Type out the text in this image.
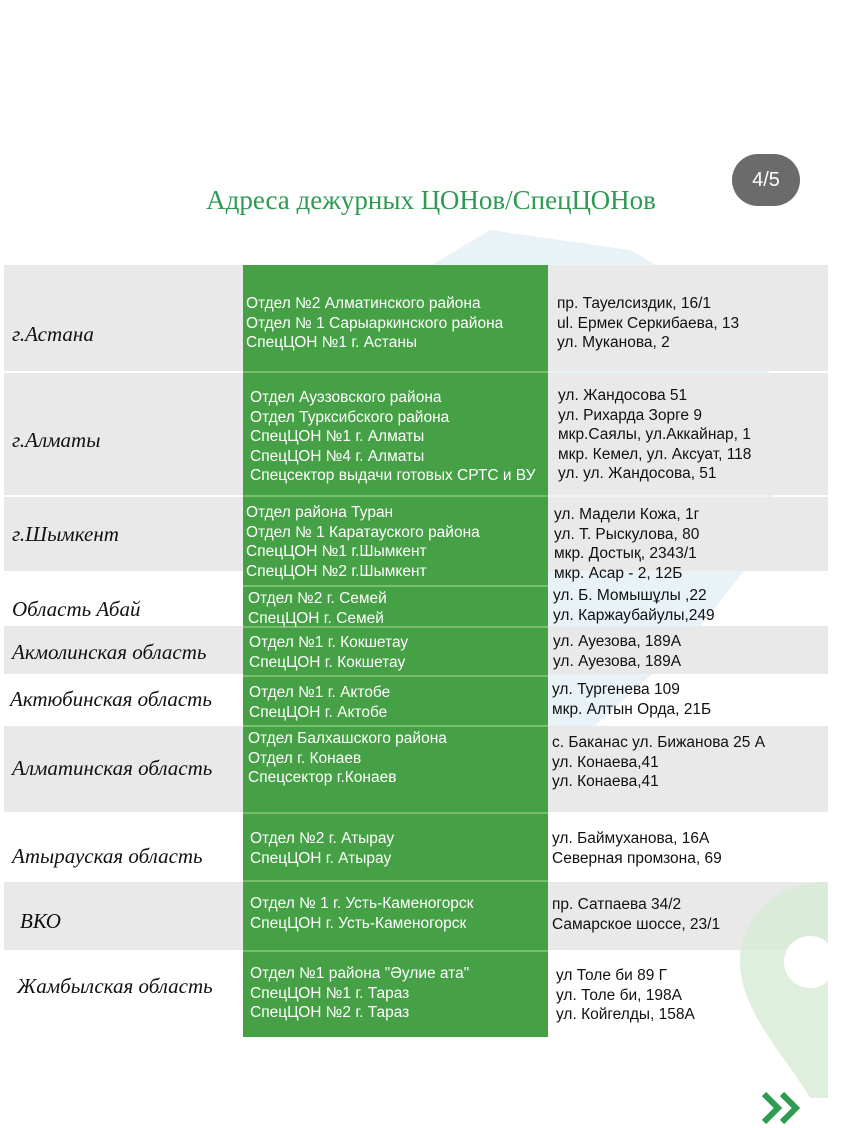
4/5
Адреса дежурных ЦОНов/СпецЦОНов
г.Астана
Отдел №2 Алматинского района
Отдел № 1 Сарыаркинского района
СпецЦОН №1 г. Астаны
пр. Тауелсиздик, 16/1
ul. Ермек Серкибаева, 13
ул. Муканова, 2
г.Алматы
Отдел Ауэзовского района
Отдел Турксибского района
СпецЦОН №1 г. Алматы
СпецЦОН №4 г. Алматы
Спецсектор выдачи готовых СРТС и ВУ
ул. Жандосова 51
ул. Рихарда Зорге 9
мкр.Саялы, ул.Аккайнар, 1
мкр. Кемел, ул. Аксуат, 118
ул. ул. Жандосова, 51
г.Шымкент
Отдел района Туран
Отдел № 1 Каратауского района
СпецЦОН №1 г.Шымкент
СпецЦОН №2 г.Шымкент
ул. Мадели Кожа, 1г
ул. Т. Рыскулова, 80
мкр. Достық, 2343/1
мкр. Асар - 2, 12Б
Область Абай	Отдел №2 г. Семей
СпецЦОН г. Семей
ул. Б. Момышұлы ,22
ул. Каржаубайулы,249
Акмолинская область	Отдел №1 г. Кокшетау
СпецЦОН г. Кокшетау
ул. Ауезова, 189А
ул. Ауезова, 189А
Актюбинская область Отдел №1 г. Актобе
СпецЦОН г. Актобе
ул. Тургенева 109
мкр. Алтын Орда, 21Б
Алматинская область
Отдел Балхашского района
Отдел г. Конаев
Спецсектор г.Конаев
с. Баканас ул. Бижанова 25 А
ул. Конаева,41
ул. Конаева,41
Атырауская область
Отдел №2 г. Атырау
СпецЦОН г. Атырау
ул. Баймуханова, 16А
Северная промзона, 69
ВКО
Отдел № 1 г. Усть-Каменогорск
СпецЦОН г. Усть-Каменогорск
пр. Сатпаева 34/2
Самарское шоссе, 23/1
Жамбылская область
Отдел №1 района "Әулие ата"
СпецЦОН №1 г. Тараз
СпецЦОН №2 г. Тараз
ул Толе би 89 Г
ул. Толе би, 198А
ул. Койгелды, 158А
